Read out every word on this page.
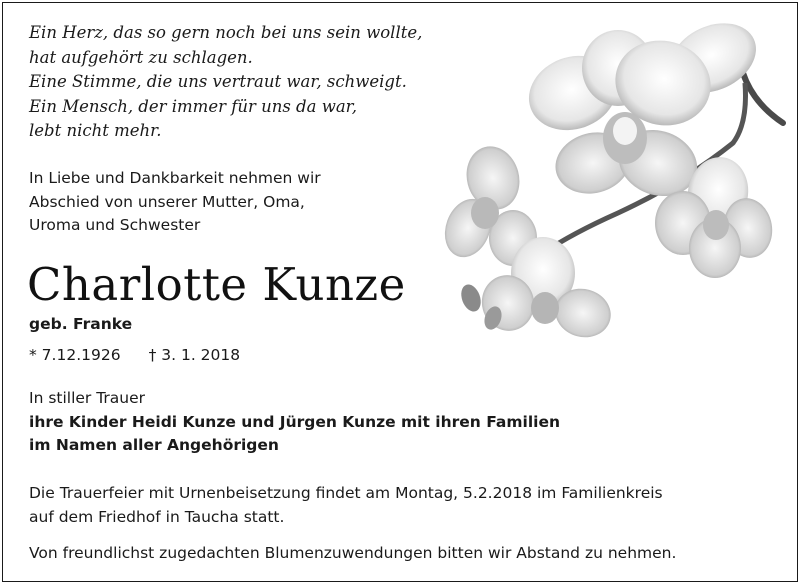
Ein Herz, das so gern noch bei uns sein wollte,
hat aufgehört zu schlagen.
Eine Stimme, die uns vertraut war, schweigt.
Ein Mensch, der immer für uns da war,
lebt nicht mehr.
In Liebe und Dankbarkeit nehmen wir
Abschied von unserer Mutter, Oma,
Uroma und Schwester
Charlotte Kunze
geb. Franke
* 7.12.1926 † 3. 1. 2018
In stiller Trauer
ihre Kinder Heidi Kunze und Jürgen Kunze mit ihren Familien
im Namen aller Angehörigen
Die Trauerfeier mit Urnenbeisetzung findet am Montag, 5.2.2018 im Familienkreis
auf dem Friedhof in Taucha statt.
Von freundlichst zugedachten Blumenzuwendungen bitten wir Abstand zu nehmen.
